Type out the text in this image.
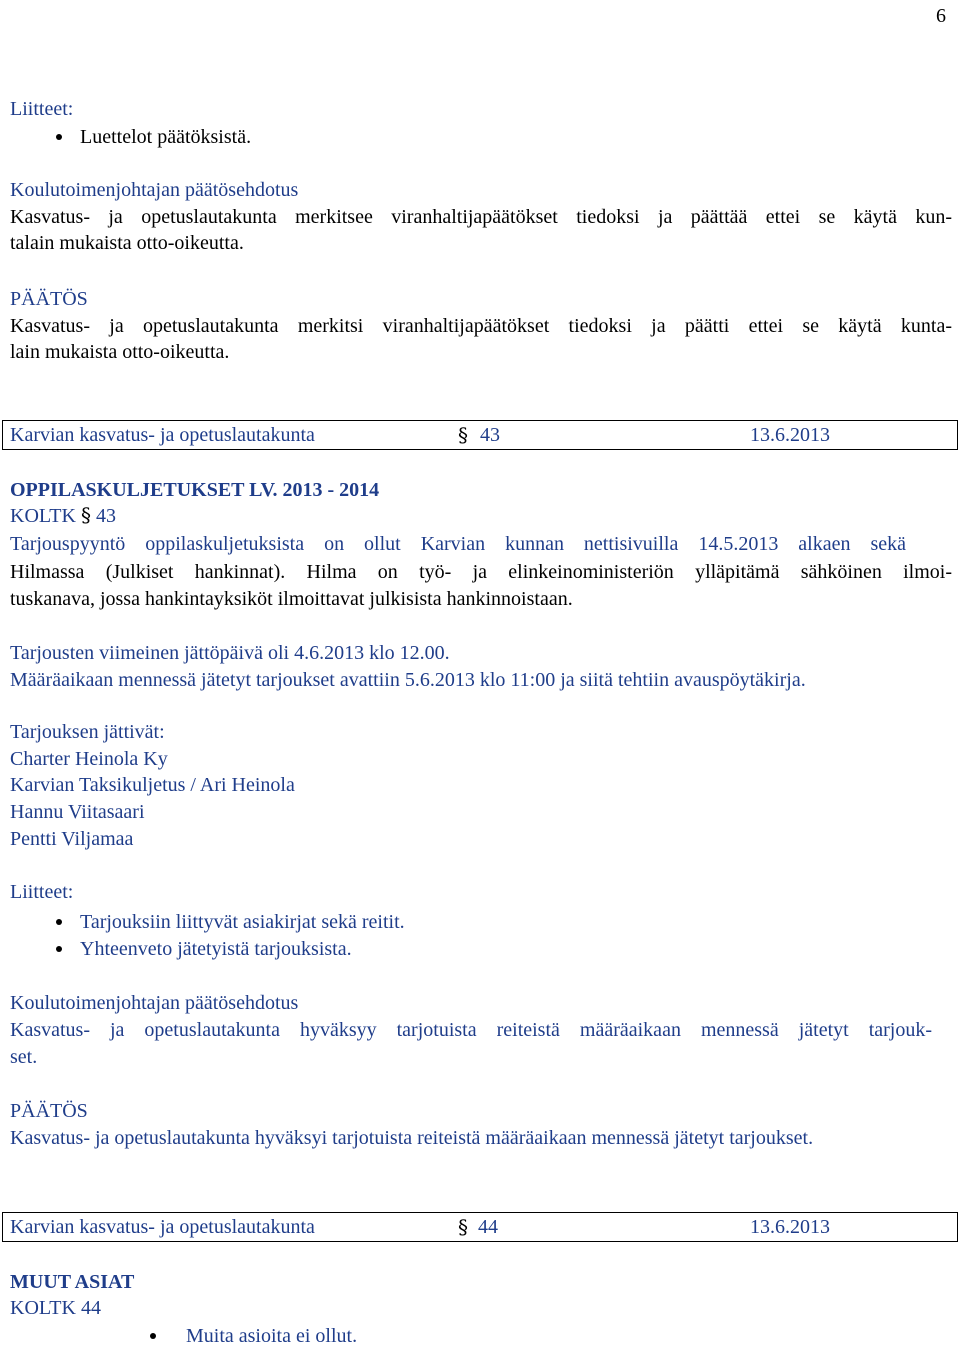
6
Liitteet:
Luettelot päätöksistä.
Koulutoimenjohtajan päätösehdotus
Kasvatus- ja opetuslautakunta merkitsee viranhaltijapäätökset tiedoksi ja päättää ettei se käytä kun-
talain mukaista otto-oikeutta.
PÄÄTÖS
Kasvatus- ja opetuslautakunta merkitsi viranhaltijapäätökset tiedoksi ja päätti ettei se käytä kunta-
lain mukaista otto-oikeutta.
Karvian kasvatus- ja opetuslautakunta	§ 43	13.6.2013
OPPILASKULJETUKSET LV. 2013 - 2014
KOLTK § 43
Tarjouspyyntö oppilaskuljetuksista on ollut Karvian kunnan nettisivuilla 14.5.2013 alkaen sekä
Hilmassa (Julkiset hankinnat). Hilma on työ- ja elinkeinoministeriön ylläpitämä sähköinen ilmoi-
tuskanava, jossa hankintayksiköt ilmoittavat julkisista hankinnoistaan.
Tarjousten viimeinen jättöpäivä oli 4.6.2013 klo 12.00.
Määräaikaan mennessä jätetyt tarjoukset avattiin 5.6.2013 klo 11:00 ja siitä tehtiin avauspöytäkirja.
Tarjouksen jättivät:
Charter Heinola Ky
Karvian Taksikuljetus / Ari Heinola
Hannu Viitasaari
Pentti Viljamaa
Liitteet:
Tarjouksiin liittyvät asiakirjat sekä reitit.
Yhteenveto jätetyistä tarjouksista.
Koulutoimenjohtajan päätösehdotus
Kasvatus- ja opetuslautakunta hyväksyy tarjotuista reiteistä määräaikaan mennessä jätetyt tarjouk-
set.
PÄÄTÖS
Kasvatus- ja opetuslautakunta hyväksyi tarjotuista reiteistä määräaikaan mennessä jätetyt tarjoukset.
Karvian kasvatus- ja opetuslautakunta	§ 44	13.6.2013
MUUT ASIAT
KOLTK 44
Muita asioita ei ollut.
